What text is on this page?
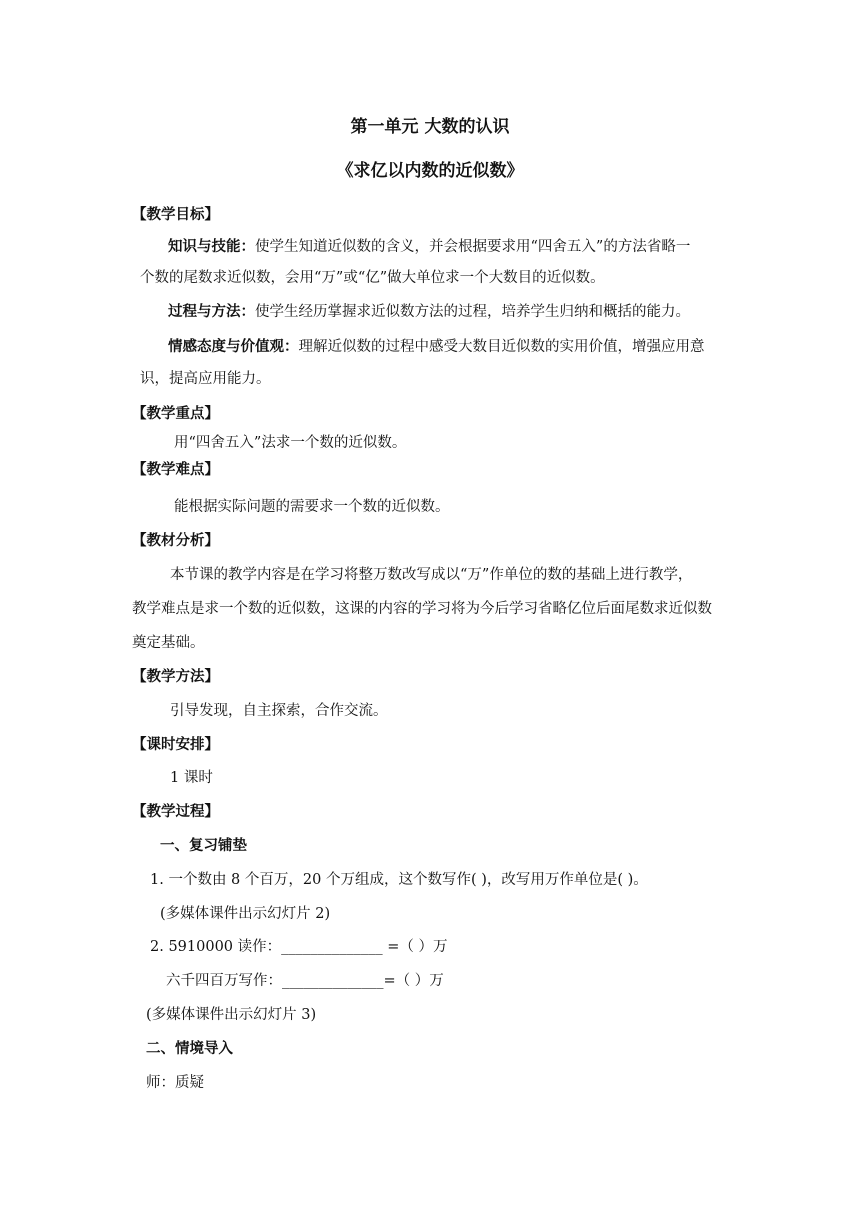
第一单元 大数的认识
《求亿以内数的近似数》
【教学目标】
知识与技能：使学生知道近似数的含义，并会根据要求用“四舍五入”的方法省略一
个数的尾数求近似数，会用“万”或“亿”做大单位求一个大数目的近似数。
过程与方法：使学生经历掌握求近似数方法的过程，培养学生归纳和概括的能力。
情感态度与价值观：理解近似数的过程中感受大数目近似数的实用价值，增强应用意
识，提高应用能力。
【教学重点】
用“四舍五入”法求一个数的近似数。
【教学难点】
能根据实际问题的需要求一个数的近似数。
【教材分析】
本节课的教学内容是在学习将整万数改写成以“万”作单位的数的基础上进行教学，
教学难点是求一个数的近似数，这课的内容的学习将为今后学习省略亿位后面尾数求近似数
奠定基础。
【教学方法】
引导发现，自主探索，合作交流。
【课时安排】
1 课时
【教学过程】
一、复习铺垫
1. 一个数由 8 个百万，20 个万组成，这个数写作( )，改写用万作单位是( )。
(多媒体课件出示幻灯片 2)
2. 5910000 读作：______________ =（ ）万
六千四百万写作：______________=（ ）万
(多媒体课件出示幻灯片 3)
二、情境导入
师：质疑
